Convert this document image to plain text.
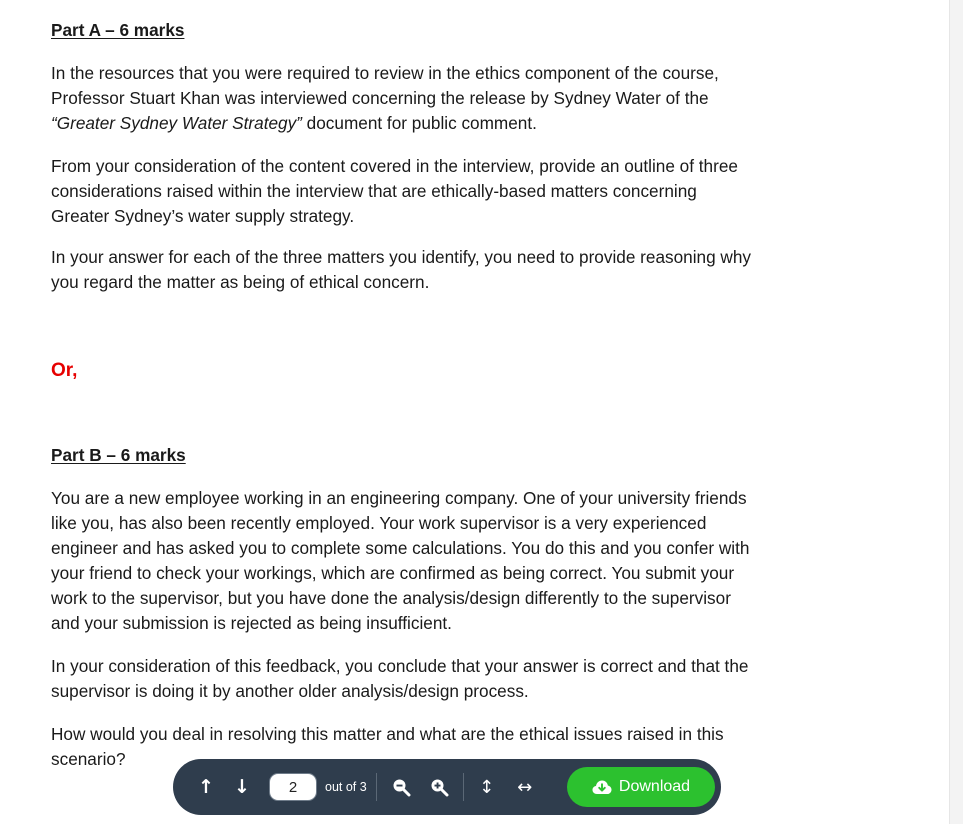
Part A – 6 marks
In the resources that you were required to review in the ethics component of the course,
Professor Stuart Khan was interviewed concerning the release by Sydney Water of the
“Greater Sydney Water Strategy” document for public comment.
From your consideration of the content covered in the interview, provide an outline of three
considerations raised within the interview that are ethically-based matters concerning
Greater Sydney’s water supply strategy.
In your answer for each of the three matters you identify, you need to provide reasoning why
you regard the matter as being of ethical concern.
Or,
Part B – 6 marks
You are a new employee working in an engineering company. One of your university friends
like you, has also been recently employed. Your work supervisor is a very experienced
engineer and has asked you to complete some calculations. You do this and you confer with
your friend to check your workings, which are confirmed as being correct. You submit your
work to the supervisor, but you have done the analysis/design differently to the supervisor
and your submission is rejected as being insufficient.
In your consideration of this feedback, you conclude that your answer is correct and that the
supervisor is doing it by another older analysis/design process.
How would you deal in resolving this matter and what are the ethical issues raised in this
scenario?
↑ ↓
2	out of 3	↕	↔	Download
